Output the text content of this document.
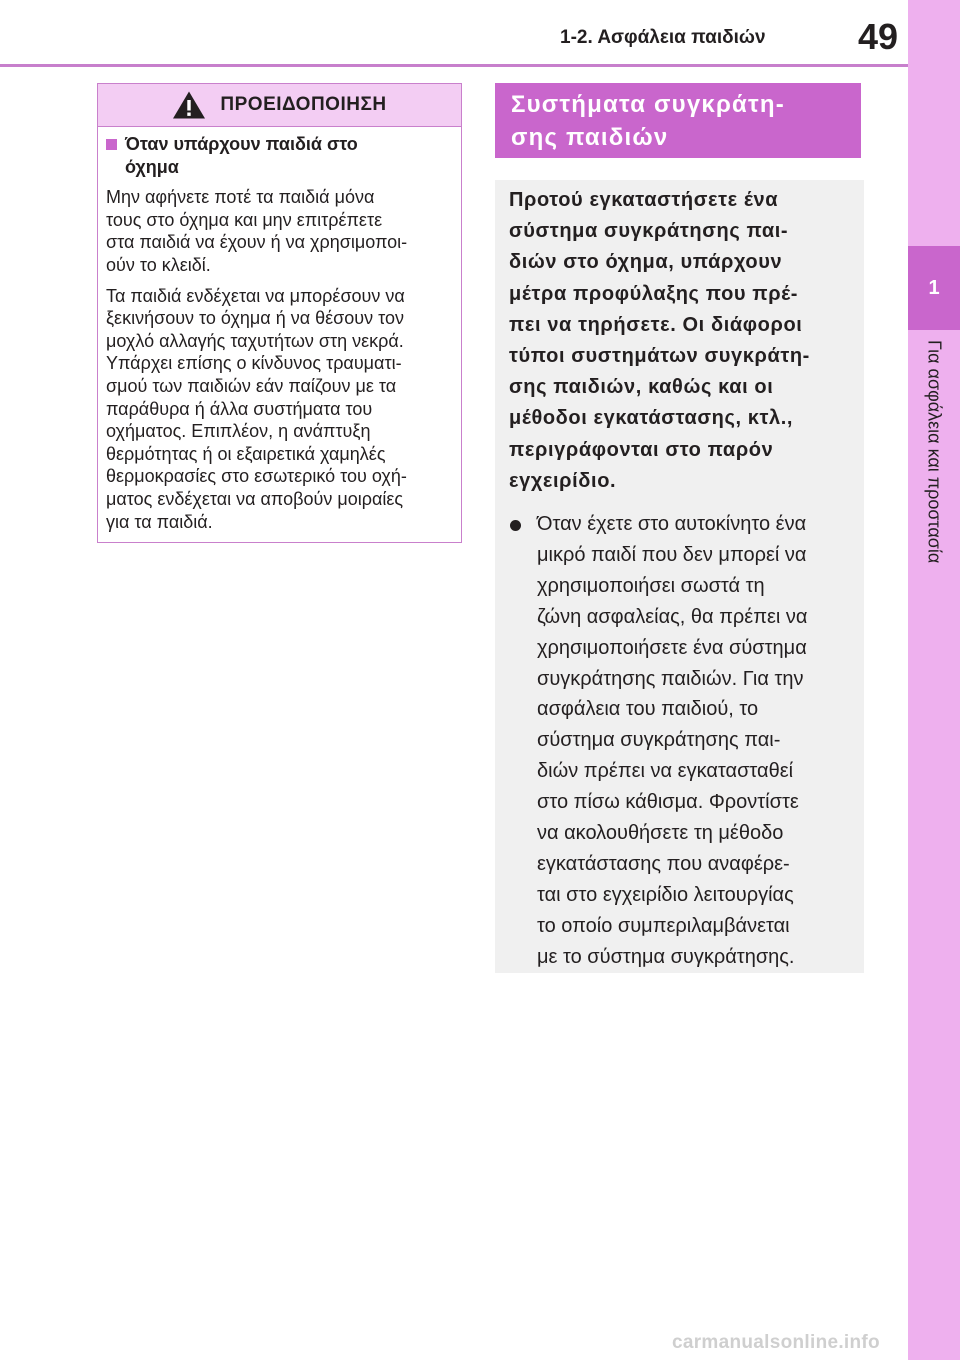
1-2. Ασφάλεια παιδιών	49
1
Για ασφάλεια και προστασία
ΠΡΟΕΙΔΟΠΟΙΗΣΗ
Όταν υπάρχουν παιδιά στο
όχημα

Μην αφήνετε ποτέ τα παιδιά μόνα
τους στο όχημα και μην επιτρέπετε
στα παιδιά να έχουν ή να χρησιμοποι-
ούν το κλειδί.

Τα παιδιά ενδέχεται να μπορέσουν να
ξεκινήσουν το όχημα ή να θέσουν τον
μοχλό αλλαγής ταχυτήτων στη νεκρά.
Υπάρχει επίσης ο κίνδυνος τραυματι-
σμού των παιδιών εάν παίζουν με τα
παράθυρα ή άλλα συστήματα του
οχήματος. Επιπλέον, η ανάπτυξη
θερμότητας ή οι εξαιρετικά χαμηλές
θερμοκρασίες στο εσωτερικό του οχή-
ματος ενδέχεται να αποβούν μοιραίες
για τα παιδιά.

Συστήματα συγκράτη-
σης παιδιών

Προτού εγκαταστήσετε ένα
σύστημα συγκράτησης παι-
διών στο όχημα, υπάρχουν
μέτρα προφύλαξης που πρέ-
πει να τηρήσετε. Οι διάφοροι
τύποι συστημάτων συγκράτη-
σης παιδιών, καθώς και οι
μέθοδοι εγκατάστασης, κτλ.,
περιγράφονται στο παρόν
εγχειρίδιο.

Όταν έχετε στο αυτοκίνητο ένα
μικρό παιδί που δεν μπορεί να
χρησιμοποιήσει σωστά τη
ζώνη ασφαλείας, θα πρέπει να
χρησιμοποιήσετε ένα σύστημα
συγκράτησης παιδιών. Για την
ασφάλεια του παιδιού, το
σύστημα συγκράτησης παι-
διών πρέπει να εγκατασταθεί
στο πίσω κάθισμα. Φροντίστε
να ακολουθήσετε τη μέθοδο
εγκατάστασης που αναφέρε-
ται στο εγχειρίδιο λειτουργίας
το οποίο συμπεριλαμβάνεται
με το σύστημα συγκράτησης.
carmanualsonline.info
